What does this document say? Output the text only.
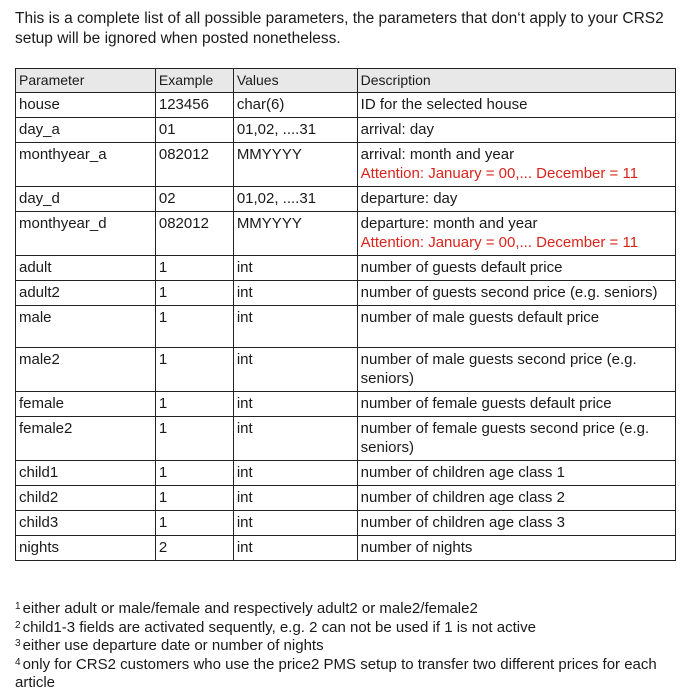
This is a complete list of all possible parameters, the parameters that don‘t apply to your CRS2 setup will be ignored when posted nonetheless.

Parameter	Example	Values	Description
house	123456	char(6)	ID for the selected house
day_a	01	01,02, ....31	arrival: day
monthyear_a	082012	MMYYYY	arrival: month and year
Attention: January = 00,... December = 11

day_d	02	01,02, ....31	departure: day
monthyear_d	082012	MMYYYY	departure: month and year
Attention: January = 00,... December = 11

adult	1	int	number of guests default price
adult2	1	int	number of guests second price (e.g. seniors)
male	1	int	number of male guests default price
male2	1	int	number of male guests second price (e.g. seniors)
female	1	int	number of female guests default price
female2	1	int	number of female guests second price (e.g. seniors)
child1	1	int	number of children age class 1
child2	1	int	number of children age class 2
child3	1	int	number of children age class 3
nights	2	int	number of nights

$^1$ either adult or male/female and respectively adult2 or male2/female2

$^2$ child1-3 fields are activated sequently, e.g. 2 can not be used if 1 is not active

$^3$ either use departure date or number of nights

$^4$ only for CRS2 customers who use the price2 PMS setup to transfer two different prices for each article
